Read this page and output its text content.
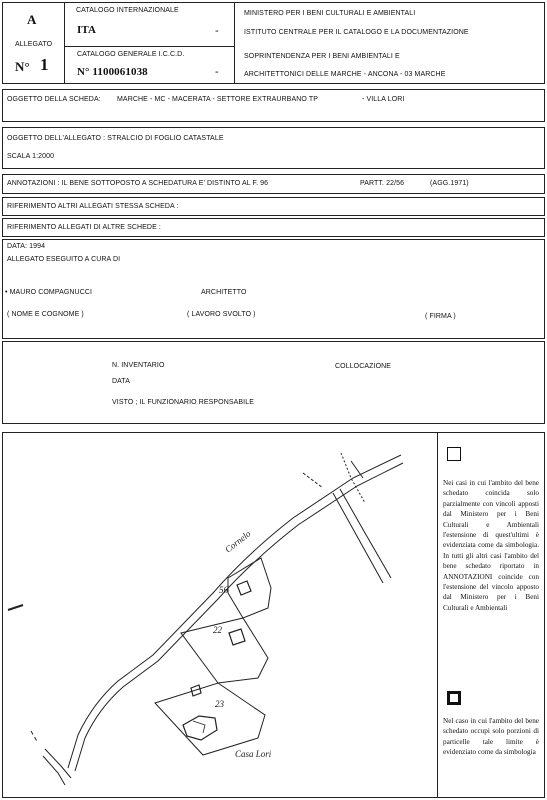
A
ALLEGATO
N° 1
CATALOGO INTERNAZIONALE
ITA	-
CATALOGO GENERALE I.C.C.D.
N° 1100061038	-
MINISTERO PER I BENI CULTURALI E AMBIENTALI
ISTITUTO CENTRALE PER IL CATALOGO E LA DOCUMENTAZIONE
SOPRINTENDENZA PER I BENI AMBIENTALI E
ARCHITETTONICI DELLE MARCHE - ANCONA - 03 MARCHE
OGGETTO DELLA SCHEDA: MARCHE - MC - MACERATA - SETTORE EXTRAURBANO TP	- VILLA LORI
OGGETTO DELL'ALLEGATO : STRALCIO DI FOGLIO CATASTALE
SCALA 1:2000
ANNOTAZIONI : IL BENE SOTTOPOSTO A SCHEDATURA E' DISTINTO AL F. 96	PARTT. 22/56	(AGG.1971)
RIFERIMENTO ALTRI ALLEGATI STESSA SCHEDA :
RIFERIMENTO ALLEGATI DI ALTRE SCHEDE :
DATA: 1994
ALLEGATO ESEGUITO A CURA DI
• MAURO COMPAGNUCCI	ARCHITETTO
( NOME E COGNOME )	( LAVORO SVOLTO )	( FIRMA )
N. INVENTARIO	COLLOCAZIONE
DATA
VISTO ; IL FUNZIONARIO RESPONSABILE
Cornelo
56
22
23
Casa Lori
Nei casi in cui l'ambito del bene schedato coincida solo parzialmente con vincoli apposti dal Ministero per i Beni Culturali e Ambientali l'estensione di quest'ultimi è evidenziata come da simbologia. In tutti gli altri casi l'ambito del bene schedato riportato in ANNOTAZIONI coincide con l'estensione del vincolo apposto dal Ministero per i Beni Culturali e Ambientali
Nel caso in cui l'ambito del bene schedato occupi solo porzioni di particelle tale limite è evidenziato come da simbologia
